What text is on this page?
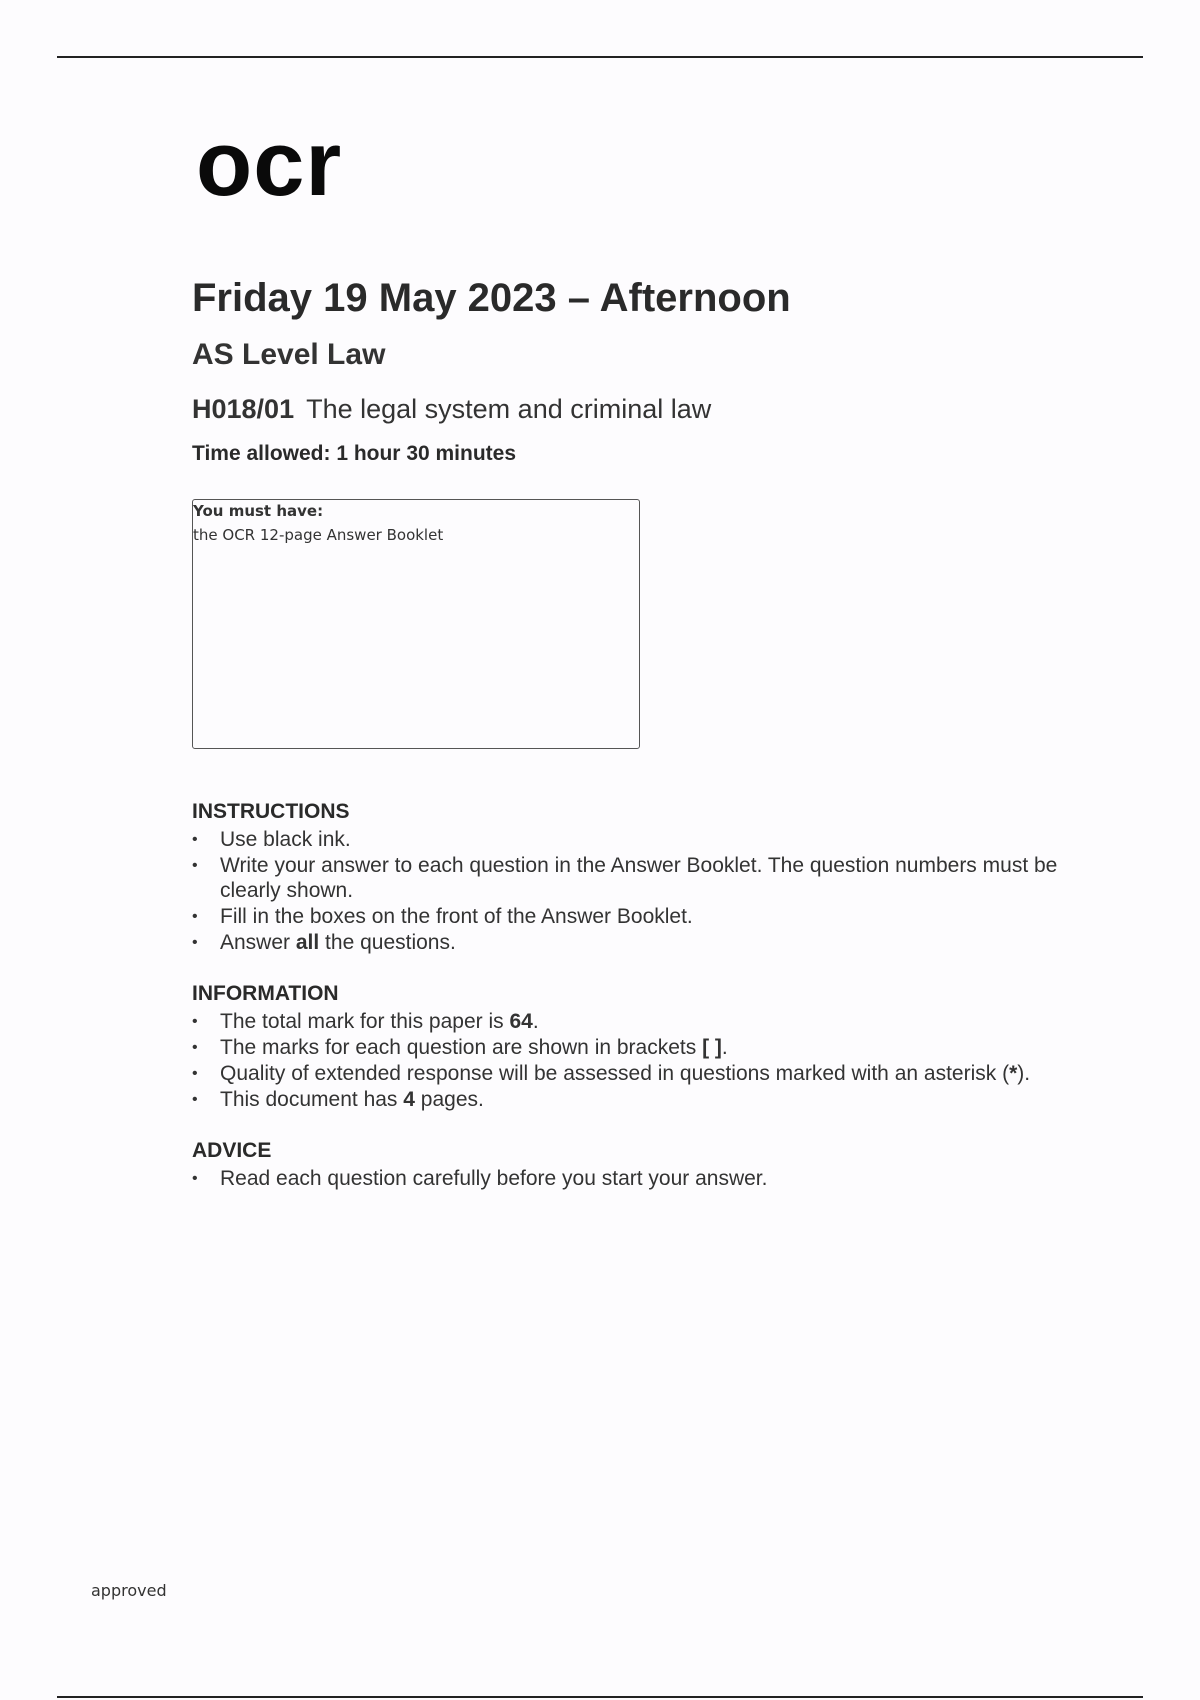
ocr
Friday 19 May 2023 – Afternoon
AS Level Law
H018/01 The legal system and criminal law
Time allowed: 1 hour 30 minutes
You must have:
the OCR 12-page Answer Booklet
INSTRUCTIONS
•	Use black ink.
•	Write your answer to each question in the Answer Booklet. The question numbers must be clearly shown.
•	Fill in the boxes on the front of the Answer Booklet.
•	Answer all the questions.
INFORMATION
•	The total mark for this paper is 64.
•	The marks for each question are shown in brackets [ ].
•	Quality of extended response will be assessed in questions marked with an asterisk (*).
•	This document has 4 pages.
ADVICE
•	Read each question carefully before you start your answer.
approved
